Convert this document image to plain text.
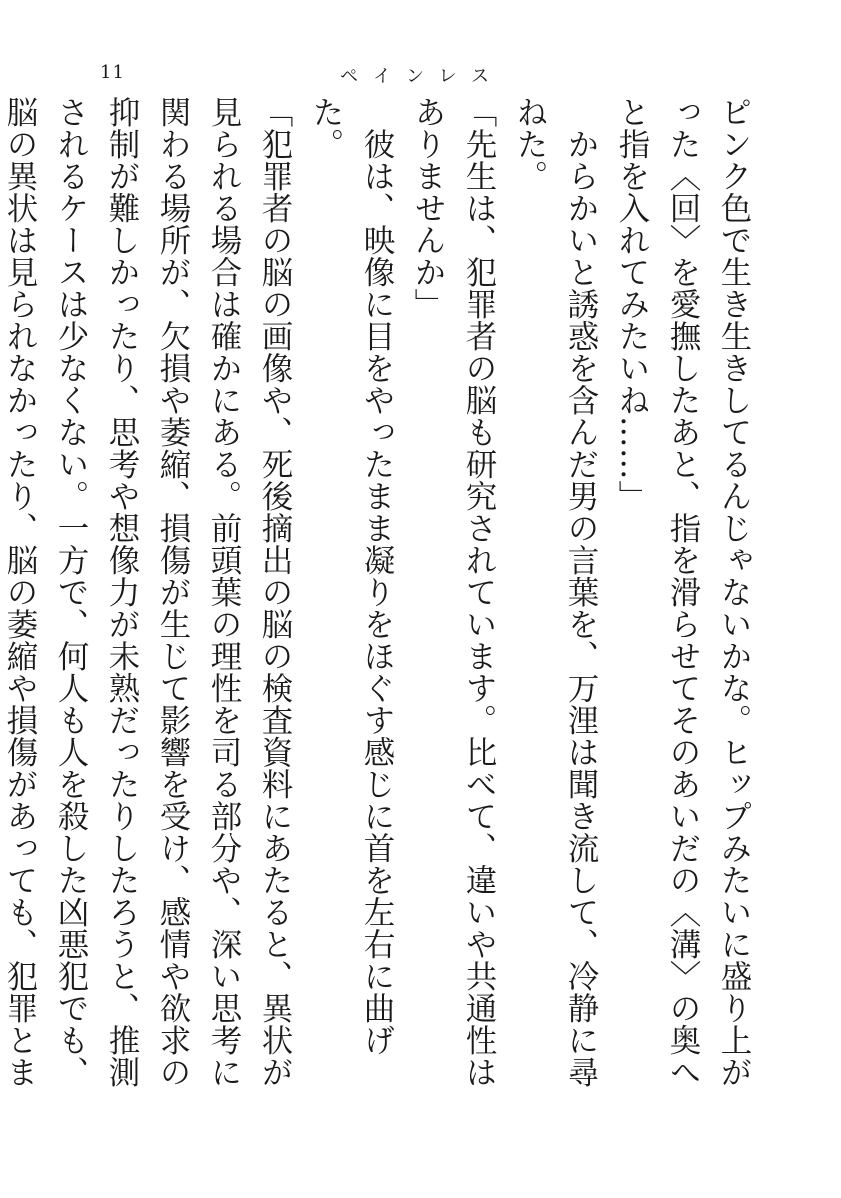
11	ペインレス

ピンク色で生き生きしてるんじゃないかな。ヒップみたいに盛り上がった〈回〉を愛撫したあと、指を滑らせてそのあいだの〈溝〉の奥へと指を入れてみたいね……」

からかいと誘惑を含んだ男の言葉を、万浬は聞き流して、冷静に尋ねた。

「先生は、犯罪者の脳も研究されています。比べて、違いや共通性はありませんか」

彼は、映像に目をやったまま凝りをほぐす感じに首を左右に曲げた。

「犯罪者の脳の画像や、死後摘出の脳の検査資料にあたると、異状が見られる場合は確かにある。前頭葉の理性を司る部分や、深い思考に関わる場所が、欠損や萎縮、損傷が生じて影響を受け、感情や欲求の抑制が難しかったり、思考や想像力が未熟だったりしたろうと、推測されるケースは少なくない。一方で、何人も人を殺した凶悪犯でも、脳の異状は見られなかったり、脳の萎縮や損傷があっても、犯罪とま
